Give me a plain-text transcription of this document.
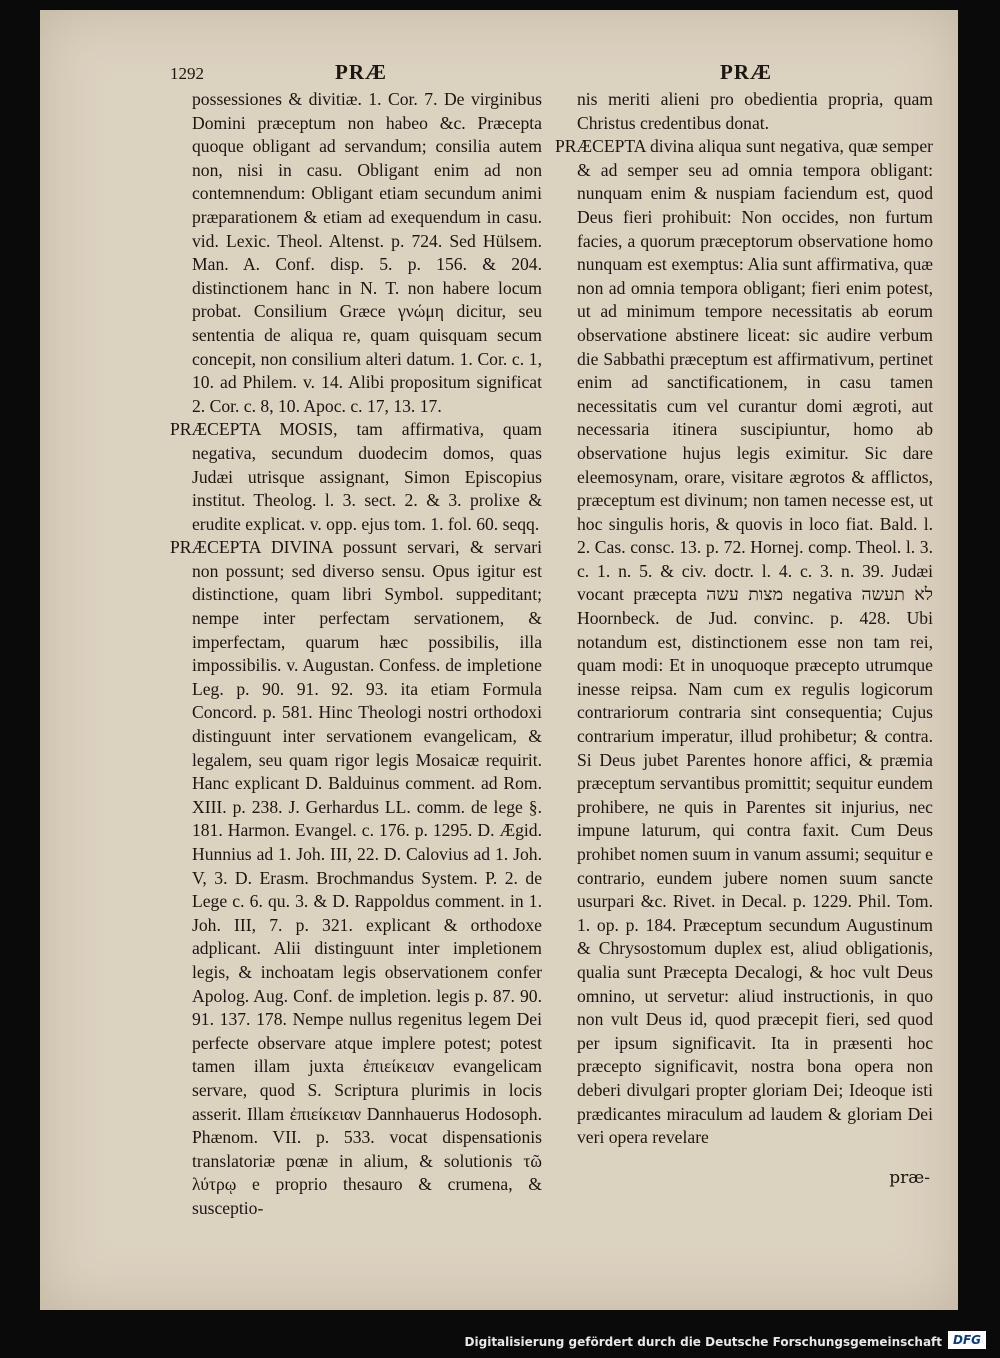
1292	PRÆ	PRÆ

possessiones & divitiæ. 1. Cor. 7. De virginibus Domini præceptum non habeo &c. Præcepta quoque obligant ad servandum; consilia autem non, nisi in casu. Obligant enim ad non contemnendum: Obligant etiam secundum animi præparationem & etiam ad exequendum in casu. vid. Lexic. Theol. Altenst. p. 724. Sed Hülsem. Man. A. Conf. disp. 5. p. 156. & 204. distinctionem hanc in N. T. non habere locum probat. Consilium Græce γνώμη dicitur, seu sententia de aliqua re, quam quisquam secum concepit, non consilium alteri datum. 1. Cor. c. 1, 10. ad Philem. v. 14. Alibi propositum significat 2. Cor. c. 8, 10. Apoc. c. 17, 13. 17.

PRÆCEPTA MOSIS, tam affirmativa, quam negativa, secundum duodecim domos, quas Judæi utrisque assignant, Simon Episcopius institut. Theolog. l. 3. sect. 2. & 3. prolixe & erudite explicat. v. opp. ejus tom. 1. fol. 60. seqq.

PRÆCEPTA DIVINA possunt servari, & servari non possunt; sed diverso sensu. Opus igitur est distinctione, quam libri Symbol. suppeditant; nempe inter perfectam servationem, & imperfectam, quarum hæc possibilis, illa impossibilis. v. Augustan. Confess. de impletione Leg. p. 90. 91. 92. 93. ita etiam Formula Concord. p. 581. Hinc Theologi nostri orthodoxi distinguunt inter servationem evangelicam, & legalem, seu quam rigor legis Mosaicæ requirit. Hanc explicant D. Balduinus comment. ad Rom. XIII. p. 238. J. Gerhardus LL. comm. de lege §. 181. Harmon. Evangel. c. 176. p. 1295. D. Ægid. Hunnius ad 1. Joh. III, 22. D. Calovius ad 1. Joh. V, 3. D. Erasm. Brochmandus System. P. 2. de Lege c. 6. qu. 3. & D. Rappoldus comment. in 1. Joh. III, 7. p. 321. explicant & orthodoxe adplicant. Alii distinguunt inter impletionem legis, & inchoatam legis observationem confer Apolog. Aug. Conf. de impletion. legis p. 87. 90. 91. 137. 178. Nempe nullus regenitus legem Dei perfecte observare atque implere potest; potest tamen illam juxta ἐπιείκειαν evangelicam servare, quod S. Scriptura plurimis in locis asserit. Illam ἐπιείκειαν Dannhauerus Hodosoph. Phænom. VII. p. 533. vocat dispensationis translatoriæ pœnæ in alium, & solutionis τῶ λύτρῳ e proprio thesauro & crumena, & susceptio-

nis meriti alieni pro obedientia propria, quam Christus credentibus donat.

PRÆCEPTA divina aliqua sunt negativa, quæ semper & ad semper seu ad omnia tempora obligant: nunquam enim & nuspiam faciendum est, quod Deus fieri prohibuit: Non occides, non furtum facies, a quorum præceptorum observatione homo nunquam est exemptus: Alia sunt affirmativa, quæ non ad omnia tempora obligant; fieri enim potest, ut ad minimum tempore necessitatis ab eorum observatione abstinere liceat: sic audire verbum die Sabbathi præceptum est affirmativum, pertinet enim ad sanctificationem, in casu tamen necessitatis cum vel curantur domi ægroti, aut necessaria itinera suscipiuntur, homo ab observatione hujus legis eximitur. Sic dare eleemosynam, orare, visitare ægrotos & afflictos, præceptum est divinum; non tamen necesse est, ut hoc singulis horis, & quovis in loco fiat. Bald. l. 2. Cas. consc. 13. p. 72. Hornej. comp. Theol. l. 3. c. 1. n. 5. & civ. doctr. l. 4. c. 3. n. 39. Judæi vocant præcepta מצות עשה negativa לא תעשה Hoornbeck. de Jud. convinc. p. 428. Ubi notandum est, distinctionem esse non tam rei, quam modi: Et in unoquoque præcepto utrumque inesse reipsa. Nam cum ex regulis logicorum contrariorum contraria sint consequentia; Cujus contrarium imperatur, illud prohibetur; & contra. Si Deus jubet Parentes honore affici, & præmia præceptum servantibus promittit; sequitur eundem prohibere, ne quis in Parentes sit injurius, nec impune laturum, qui contra faxit. Cum Deus prohibet nomen suum in vanum assumi; sequitur e contrario, eundem jubere nomen suum sancte usurpari &c. Rivet. in Decal. p. 1229. Phil. Tom. 1. op. p. 184. Præceptum secundum Augustinum & Chrysostomum duplex est, aliud obligationis, qualia sunt Præcepta Decalogi, & hoc vult Deus omnino, ut servetur: aliud instructionis, in quo non vult Deus id, quod præcepit fieri, sed quod per ipsum significavit. Ita in præsenti hoc præcepto significavit, nostra bona opera non deberi divulgari propter gloriam Dei; Ideoque isti prædicantes miraculum ad laudem & gloriam Dei veri opera revelare

præ-
Digitalisierung gefördert durch die Deutsche Forschungsgemeinschaft DFG
